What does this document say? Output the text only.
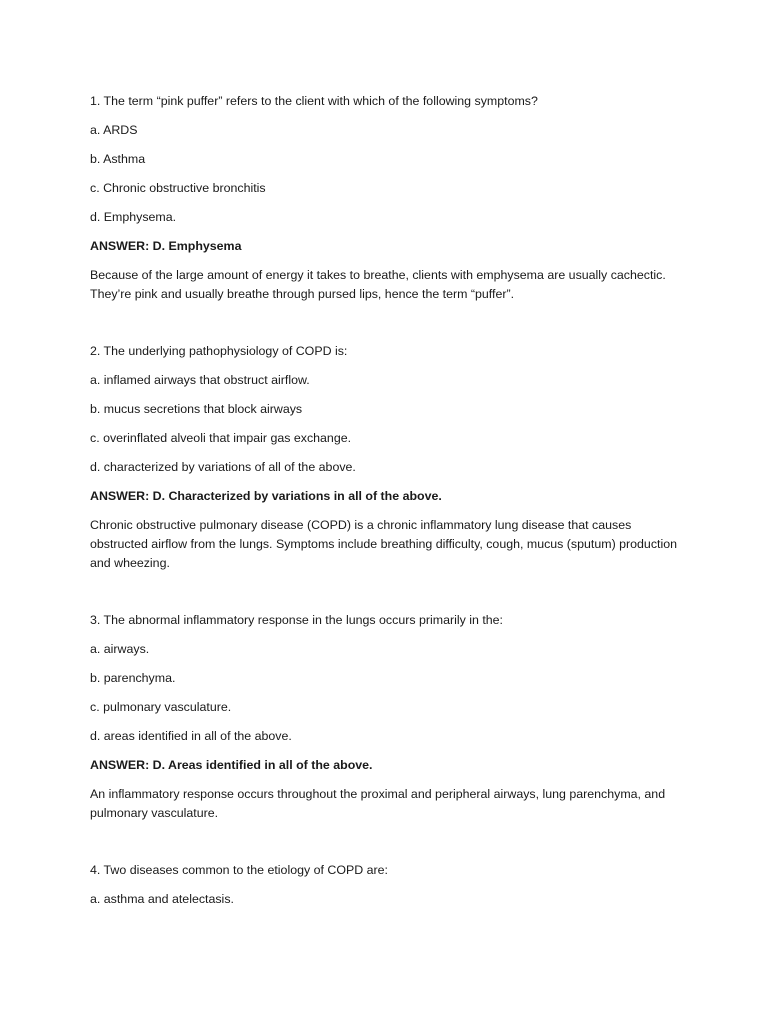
1. The term “pink puffer” refers to the client with which of the following symptoms?

a. ARDS

b. Asthma

c. Chronic obstructive bronchitis

d. Emphysema.

ANSWER: D. Emphysema

Because of the large amount of energy it takes to breathe, clients with emphysema are usually cachectic. They’re pink and usually breathe through pursed lips, hence the term “puffer”.

2. The underlying pathophysiology of COPD is:

a. inflamed airways that obstruct airflow.

b. mucus secretions that block airways

c. overinflated alveoli that impair gas exchange.

d. characterized by variations of all of the above.

ANSWER: D. Characterized by variations in all of the above.

Chronic obstructive pulmonary disease (COPD) is a chronic inflammatory lung disease that causes obstructed airflow from the lungs. Symptoms include breathing difficulty, cough, mucus (sputum) production and wheezing.

3. The abnormal inflammatory response in the lungs occurs primarily in the:

a. airways.

b. parenchyma.

c. pulmonary vasculature.

d. areas identified in all of the above.

ANSWER: D. Areas identified in all of the above.

An inflammatory response occurs throughout the proximal and peripheral airways, lung parenchyma, and pulmonary vasculature.

4. Two diseases common to the etiology of COPD are:

a. asthma and atelectasis.
